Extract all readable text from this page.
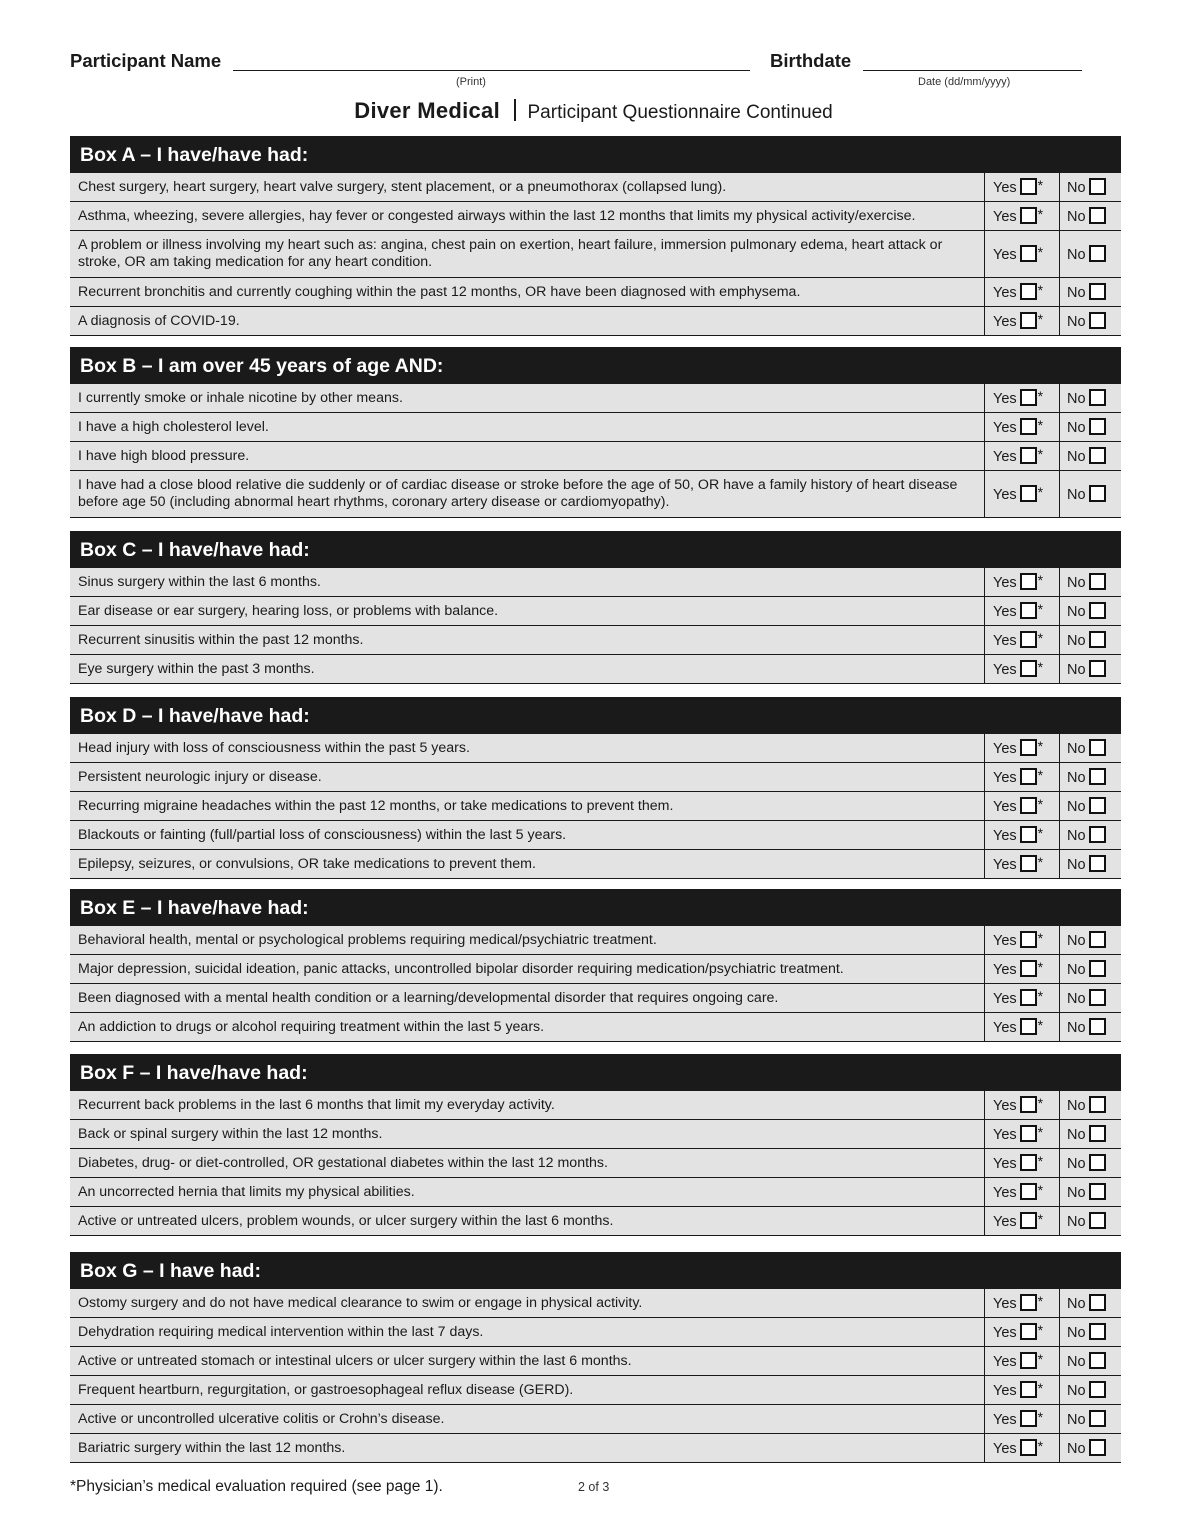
Participant Name	Birthdate
(Print)	Date (dd/mm/yyyy)
Diver Medical Participant Questionnaire Continued
Box A – I have/have had:
Chest surgery, heart surgery, heart valve surgery, stent placement, or a pneumothorax (collapsed lung).	Yes *	No
Asthma, wheezing, severe allergies, hay fever or congested airways within the last 12 months that limits my physical activity/exercise.	Yes *	No
A problem or illness involving my heart such as: angina, chest pain on exertion, heart failure, immersion pulmonary edema, heart attack or stroke, OR am taking medication for any heart condition.	Yes *	No
Recurrent bronchitis and currently coughing within the past 12 months, OR have been diagnosed with emphysema.	Yes *	No
A diagnosis of COVID-19.	Yes *	No
Box B – I am over 45 years of age AND:
I currently smoke or inhale nicotine by other means.	Yes *	No
I have a high cholesterol level.	Yes *	No
I have high blood pressure.	Yes *	No
I have had a close blood relative die suddenly or of cardiac disease or stroke before the age of 50, OR have a family history of heart disease before age 50 (including abnormal heart rhythms, coronary artery disease or cardiomyopathy).	Yes *	No
Box C – I have/have had:
Sinus surgery within the last 6 months.	Yes *	No
Ear disease or ear surgery, hearing loss, or problems with balance.	Yes *	No
Recurrent sinusitis within the past 12 months.	Yes *	No
Eye surgery within the past 3 months.	Yes *	No
Box D – I have/have had:
Head injury with loss of consciousness within the past 5 years.	Yes *	No
Persistent neurologic injury or disease.	Yes *	No
Recurring migraine headaches within the past 12 months, or take medications to prevent them.	Yes *	No
Blackouts or fainting (full/partial loss of consciousness) within the last 5 years.	Yes *	No
Epilepsy, seizures, or convulsions, OR take medications to prevent them.	Yes *	No
Box E – I have/have had:
Behavioral health, mental or psychological problems requiring medical/psychiatric treatment.	Yes *	No
Major depression, suicidal ideation, panic attacks, uncontrolled bipolar disorder requiring medication/psychiatric treatment.	Yes *	No
Been diagnosed with a mental health condition or a learning/developmental disorder that requires ongoing care.	Yes *	No
An addiction to drugs or alcohol requiring treatment within the last 5 years.	Yes *	No
Box F – I have/have had:
Recurrent back problems in the last 6 months that limit my everyday activity.	Yes *	No
Back or spinal surgery within the last 12 months.	Yes *	No
Diabetes, drug- or diet-controlled, OR gestational diabetes within the last 12 months.	Yes *	No
An uncorrected hernia that limits my physical abilities.	Yes *	No
Active or untreated ulcers, problem wounds, or ulcer surgery within the last 6 months.	Yes *	No
Box G – I have had:
Ostomy surgery and do not have medical clearance to swim or engage in physical activity.	Yes *	No
Dehydration requiring medical intervention within the last 7 days.	Yes *	No
Active or untreated stomach or intestinal ulcers or ulcer surgery within the last 6 months.	Yes *	No
Frequent heartburn, regurgitation, or gastroesophageal reflux disease (GERD).	Yes *	No
Active or uncontrolled ulcerative colitis or Crohn’s disease.	Yes *	No
Bariatric surgery within the last 12 months.	Yes *	No
*Physician’s medical evaluation required (see page 1).	2 of 3
